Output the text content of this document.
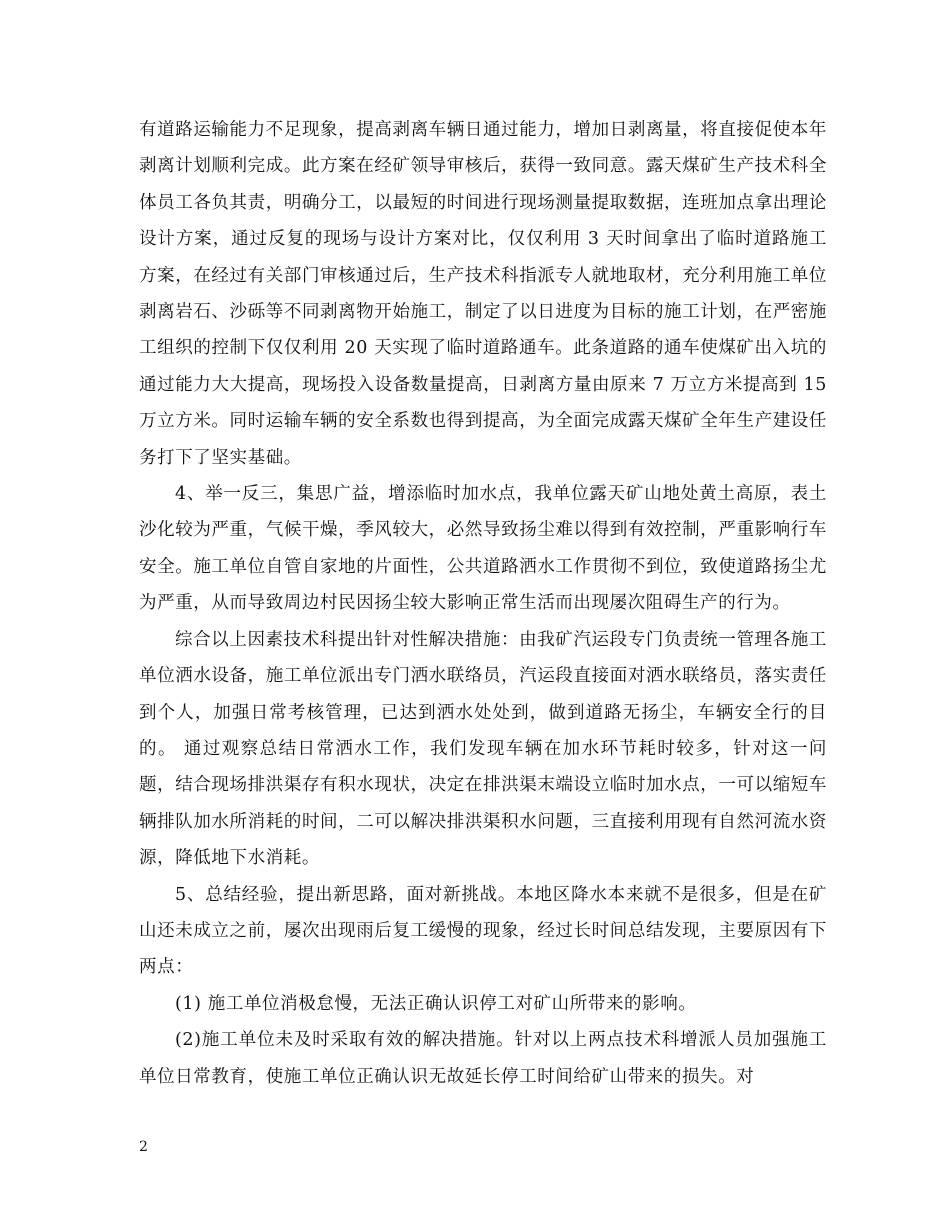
有道路运输能力不足现象，提高剥离车辆日通过能力，增加日剥离量，将直接促使本年剥离计划顺利完成。此方案在经矿领导审核后，获得一致同意。露天煤矿生产技术科全体员工各负其责，明确分工，以最短的时间进行现场测量提取数据，连班加点拿出理论设计方案，通过反复的现场与设计方案对比，仅仅利用 3 天时间拿出了临时道路施工方案，在经过有关部门审核通过后，生产技术科指派专人就地取材，充分利用施工单位剥离岩石、沙砾等不同剥离物开始施工，制定了以日进度为目标的施工计划，在严密施工组织的控制下仅仅利用 20 天实现了临时道路通车。此条道路的通车使煤矿出入坑的通过能力大大提高，现场投入设备数量提高，日剥离方量由原来 7 万立方米提高到 15 万立方米。同时运输车辆的安全系数也得到提高，为全面完成露天煤矿全年生产建设任务打下了坚实基础。

4、举一反三，集思广益，增添临时加水点，我单位露天矿山地处黄土高原，表土沙化较为严重，气候干燥，季风较大，必然导致扬尘难以得到有效控制，严重影响行车安全。施工单位自管自家地的片面性，公共道路洒水工作贯彻不到位，致使道路扬尘尤为严重，从而导致周边村民因扬尘较大影响正常生活而出现屡次阻碍生产的行为。

综合以上因素技术科提出针对性解决措施：由我矿汽运段专门负责统一管理各施工单位洒水设备，施工单位派出专门洒水联络员，汽运段直接面对洒水联络员，落实责任到个人，加强日常考核管理，已达到洒水处处到，做到道路无扬尘，车辆安全行的目的。 通过观察总结日常洒水工作，我们发现车辆在加水环节耗时较多，针对这一问题，结合现场排洪渠存有积水现状，决定在排洪渠末端设立临时加水点，一可以缩短车辆排队加水所消耗的时间，二可以解决排洪渠积水问题，三直接利用现有自然河流水资源，降低地下水消耗。

5、总结经验，提出新思路，面对新挑战。本地区降水本来就不是很多，但是在矿山还未成立之前，屡次出现雨后复工缓慢的现象，经过长时间总结发现，主要原因有下两点：

(1) 施工单位消极怠慢，无法正确认识停工对矿山所带来的影响。

(2)施工单位未及时采取有效的解决措施。针对以上两点技术科增派人员加强施工单位日常教育，使施工单位正确认识无故延长停工时间给矿山带来的损失。对

2
